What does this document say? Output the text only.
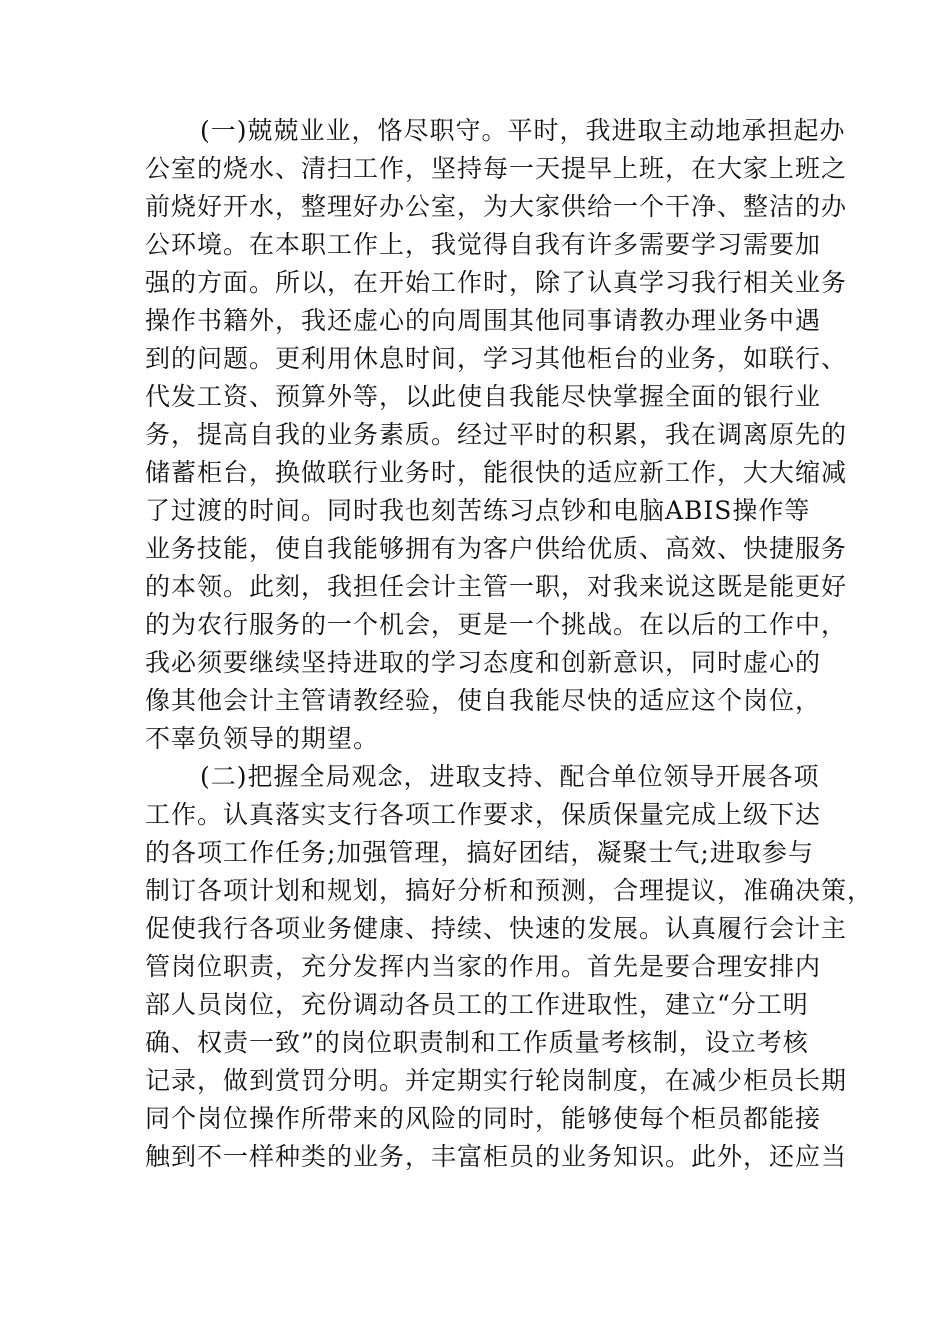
(一)兢兢业业，恪尽职守。平时，我进取主动地承担起办
公室的烧水、清扫工作，坚持每一天提早上班，在大家上班之
前烧好开水，整理好办公室，为大家供给一个干净、整洁的办
公环境。在本职工作上，我觉得自我有许多需要学习需要加
强的方面。所以，在开始工作时，除了认真学习我行相关业务
操作书籍外，我还虚心的向周围其他同事请教办理业务中遇
到的问题。更利用休息时间，学习其他柜台的业务，如联行、
代发工资、预算外等，以此使自我能尽快掌握全面的银行业
务，提高自我的业务素质。经过平时的积累，我在调离原先的
储蓄柜台，换做联行业务时，能很快的适应新工作，大大缩减
了过渡的时间。同时我也刻苦练习点钞和电脑ABIS操作等
业务技能，使自我能够拥有为客户供给优质、高效、快捷服务
的本领。此刻，我担任会计主管一职，对我来说这既是能更好
的为农行服务的一个机会，更是一个挑战。在以后的工作中，
我必须要继续坚持进取的学习态度和创新意识，同时虚心的
像其他会计主管请教经验，使自我能尽快的适应这个岗位，
不辜负领导的期望。
(二)把握全局观念，进取支持、配合单位领导开展各项
工作。认真落实支行各项工作要求，保质保量完成上级下达
的各项工作任务;加强管理，搞好团结，凝聚士气;进取参与
制订各项计划和规划，搞好分析和预测，合理提议，准确决策，
促使我行各项业务健康、持续、快速的发展。认真履行会计主
管岗位职责，充分发挥内当家的作用。首先是要合理安排内
部人员岗位，充份调动各员工的工作进取性，建立“分工明
确、权责一致”的岗位职责制和工作质量考核制，设立考核
记录，做到赏罚分明。并定期实行轮岗制度，在减少柜员长期
同个岗位操作所带来的风险的同时，能够使每个柜员都能接
触到不一样种类的业务，丰富柜员的业务知识。此外，还应当
